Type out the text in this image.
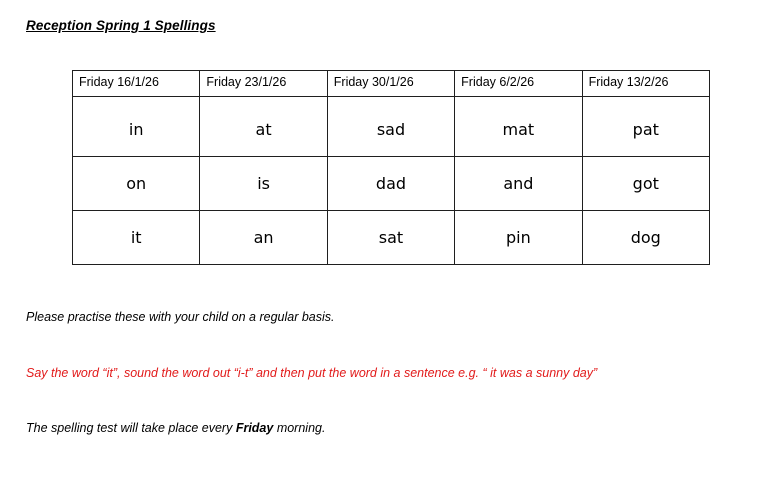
Reception Spring 1 Spellings
Friday 16/1/26	Friday 23/1/26	Friday 30/1/26	Friday 6/2/26	Friday 13/2/26
in	at	sad	mat	pat
on	is	dad	and	got
it	an	sat	pin	dog
Please practise these with your child on a regular basis.
Say the word “it”, sound the word out “i-t” and then put the word in a sentence e.g. “ it was a sunny day”
The spelling test will take place every Friday morning.
